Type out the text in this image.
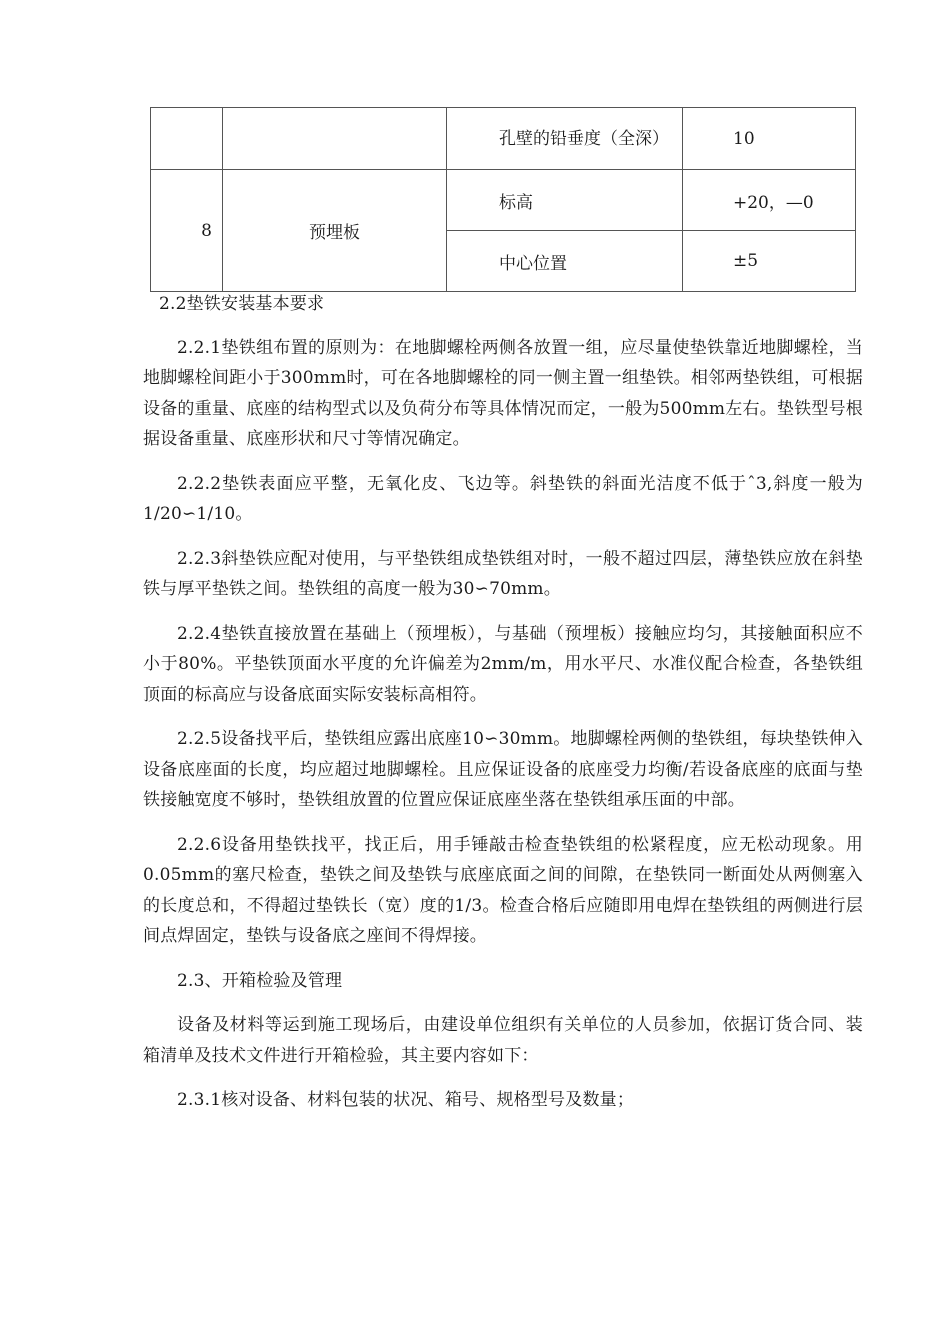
		孔壁的铅垂度（全深）	10
8	预埋板	标高	+20，—0
		中心位置	±5

2.2垫铁安装基本要求

2.2.1垫铁组布置的原则为：在地脚螺栓两侧各放置一组，应尽量使垫铁靠近地脚螺栓，当地脚螺栓间距小于300mm时，可在各地脚螺栓的同一侧主置一组垫铁。相邻两垫铁组，可根据设备的重量、底座的结构型式以及负荷分布等具体情况而定，一般为500mm左右。垫铁型号根据设备重量、底座形状和尺寸等情况确定。

2.2.2垫铁表面应平整，无氧化皮、飞边等。斜垫铁的斜面光洁度不低于ˆ3,斜度一般为1/20∽1/10。

2.2.3斜垫铁应配对使用，与平垫铁组成垫铁组对时，一般不超过四层，薄垫铁应放在斜垫铁与厚平垫铁之间。垫铁组的高度一般为30∽70mm。

2.2.4垫铁直接放置在基础上（预埋板），与基础（预埋板）接触应均匀，其接触面积应不小于80%。平垫铁顶面水平度的允许偏差为2mm/m，用水平尺、水准仪配合检查，各垫铁组顶面的标高应与设备底面实际安装标高相符。

2.2.5设备找平后，垫铁组应露出底座10∽30mm。地脚螺栓两侧的垫铁组，每块垫铁伸入设备底座面的长度，均应超过地脚螺栓。且应保证设备的底座受力均衡/若设备底座的底面与垫铁接触宽度不够时，垫铁组放置的位置应保证底座坐落在垫铁组承压面的中部。

2.2.6设备用垫铁找平，找正后，用手锤敲击检查垫铁组的松紧程度，应无松动现象。用0.05mm的塞尺检查，垫铁之间及垫铁与底座底面之间的间隙，在垫铁同一断面处从两侧塞入的长度总和，不得超过垫铁长（宽）度的1/3。检查合格后应随即用电焊在垫铁组的两侧进行层间点焊固定，垫铁与设备底之座间不得焊接。

2.3、开箱检验及管理

设备及材料等运到施工现场后，由建设单位组织有关单位的人员参加，依据订货合同、装箱清单及技术文件进行开箱检验，其主要内容如下：

2.3.1核对设备、材料包装的状况、箱号、规格型号及数量；
